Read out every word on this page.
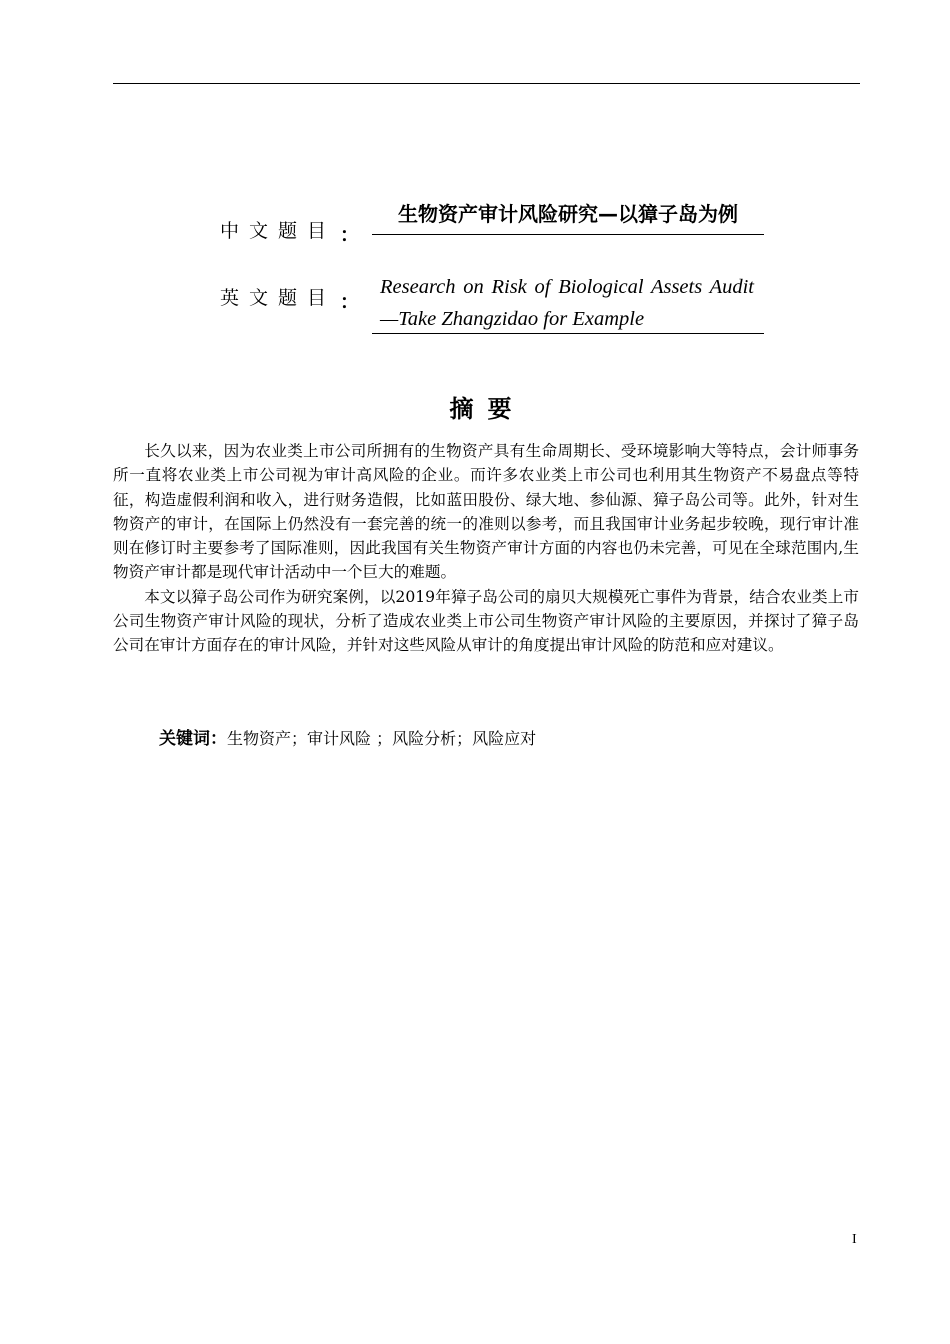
中文题目 ：
生物资产审计风险研究—以獐子岛为例
英文题目 ：
Research on Risk of Biological Assets Audit—Take Zhangzidao for Example
摘要

长久以来，因为农业类上市公司所拥有的生物资产具有生命周期长、受环境影响大等特点，会计师事务所一直将农业类上市公司视为审计高风险的企业。而许多农业类上市公司也利用其生物资产不易盘点等特征，构造虚假利润和收入，进行财务造假，比如蓝田股份、绿大地、参仙源、獐子岛公司等。此外，针对生物资产的审计，在国际上仍然没有一套完善的统一的准则以参考，而且我国审计业务起步较晚，现行审计准则在修订时主要参考了国际准则，因此我国有关生物资产审计方面的内容也仍未完善，可见在全球范围内,生物资产审计都是现代审计活动中一个巨大的难题。

本文以獐子岛公司作为研究案例，以2019年獐子岛公司的扇贝大规模死亡事件为背景，结合农业类上市公司生物资产审计风险的现状，分析了造成农业类上市公司生物资产审计风险的主要原因，并探讨了獐子岛公司在审计方面存在的审计风险，并针对这些风险从审计的角度提出审计风险的防范和应对建议。

关键词：生物资产；审计风险 ；风险分析；风险应对
I
